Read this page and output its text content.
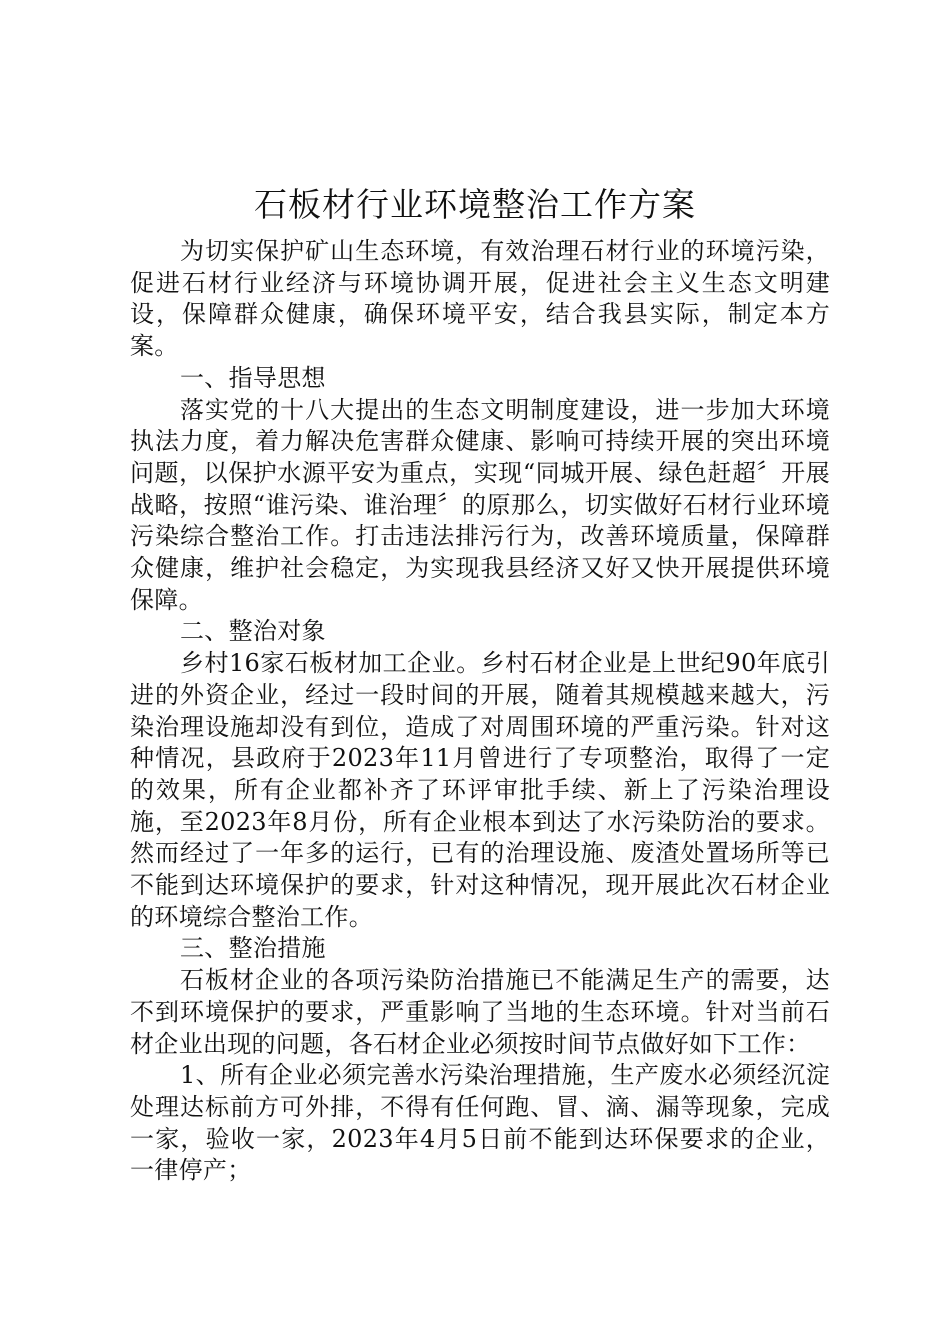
石板材行业环境整治工作方案

为切实保护矿山生态环境，有效治理石材行业的环境污染，促进石材行业经济与环境协调开展，促进社会主义生态文明建设，保障群众健康，确保环境平安，结合我县实际，制定本方案。

一、指导思想

落实党的十八大提出的生态文明制度建设，进一步加大环境执法力度，着力解决危害群众健康、影响可持续开展的突出环境问题，以保护水源平安为重点，实现“同城开展、绿色赶超〞开展战略，按照“谁污染、谁治理〞的原那么，切实做好石材行业环境污染综合整治工作。打击违法排污行为，改善环境质量，保障群众健康，维护社会稳定，为实现我县经济又好又快开展提供环境保障。

二、整治对象

乡村16家石板材加工企业。乡村石材企业是上世纪90年底引进的外资企业，经过一段时间的开展，随着其规模越来越大，污染治理设施却没有到位，造成了对周围环境的严重污染。针对这种情况，县政府于2023年11月曾进行了专项整治，取得了一定的效果，所有企业都补齐了环评审批手续、新上了污染治理设施，至2023年8月份，所有企业根本到达了水污染防治的要求。然而经过了一年多的运行，已有的治理设施、废渣处置场所等已不能到达环境保护的要求，针对这种情况，现开展此次石材企业的环境综合整治工作。

三、整治措施

石板材企业的各项污染防治措施已不能满足生产的需要，达不到环境保护的要求，严重影响了当地的生态环境。针对当前石材企业出现的问题，各石材企业必须按时间节点做好如下工作：

1、所有企业必须完善水污染治理措施，生产废水必须经沉淀处理达标前方可外排，不得有任何跑、冒、滴、漏等现象，完成一家，验收一家，2023年4月5日前不能到达环保要求的企业，一律停产；
